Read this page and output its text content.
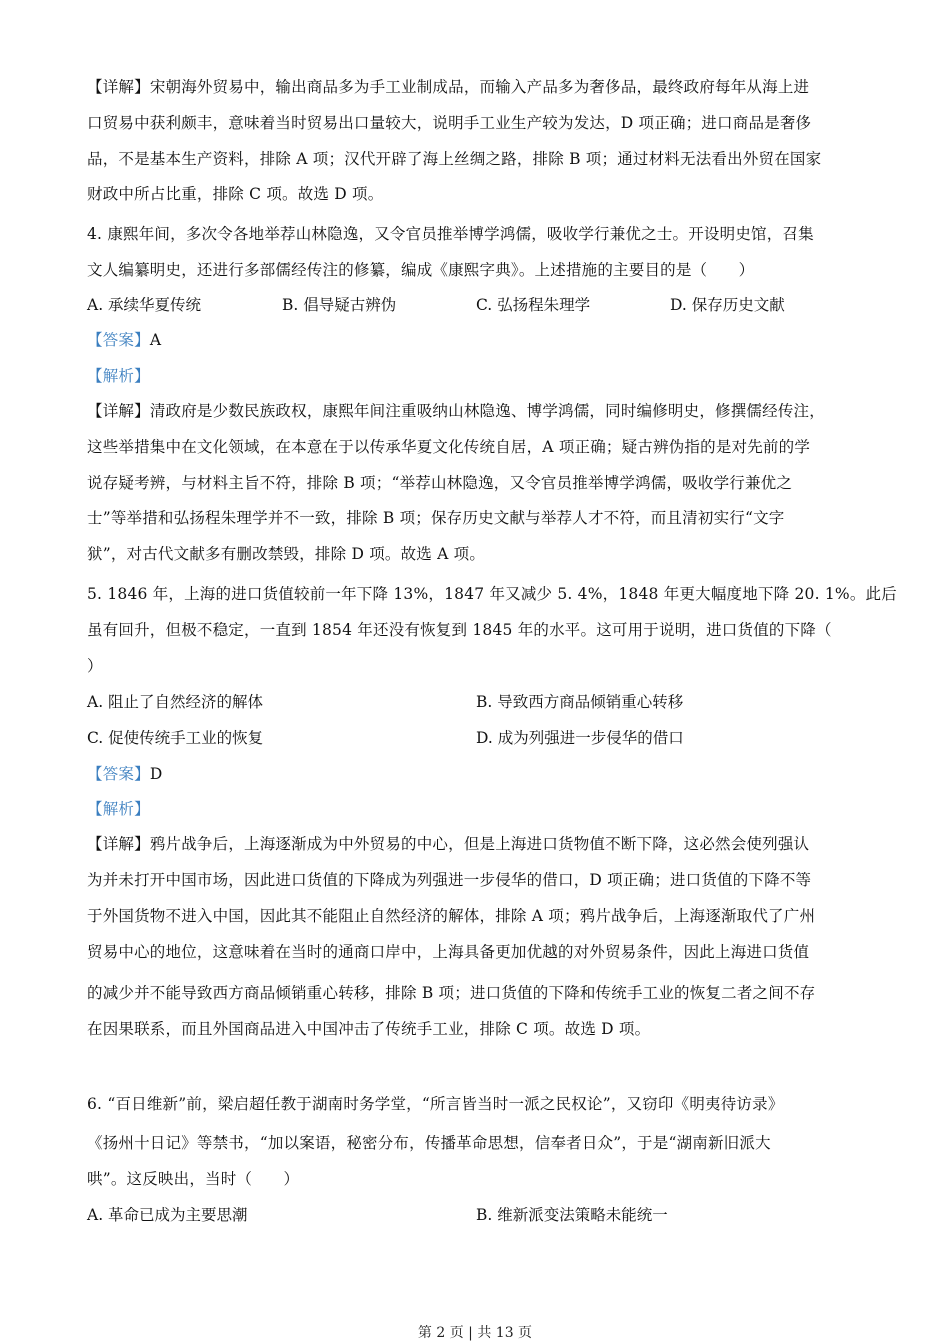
【详解】宋朝海外贸易中，输出商品多为手工业制成品，而输入产品多为奢侈品，最终政府每年从海上进
口贸易中获利颇丰，意味着当时贸易出口量较大，说明手工业生产较为发达，D 项正确；进口商品是奢侈
品，不是基本生产资料，排除 A 项；汉代开辟了海上丝绸之路，排除 B 项；通过材料无法看出外贸在国家
财政中所占比重，排除 C 项。故选 D 项。
4. 康熙年间，多次令各地举荐山林隐逸，又令官员推举博学鸿儒，吸收学行兼优之士。开设明史馆，召集
文人编纂明史，还进行多部儒经传注的修纂，编成《康熙字典》。上述措施的主要目的是（　　）
A. 承续华夏传统	B. 倡导疑古辨伪	C. 弘扬程朱理学	D. 保存历史文献
【答案】A
【解析】
【详解】清政府是少数民族政权，康熙年间注重吸纳山林隐逸、博学鸿儒，同时编修明史，修撰儒经传注，
这些举措集中在文化领域，在本意在于以传承华夏文化传统自居，A 项正确；疑古辨伪指的是对先前的学
说存疑考辨，与材料主旨不符，排除 B 项；“举荐山林隐逸，又令官员推举博学鸿儒，吸收学行兼优之
士”等举措和弘扬程朱理学并不一致，排除 B 项；保存历史文献与举荐人才不符，而且清初实行“文字
狱”，对古代文献多有删改禁毁，排除 D 项。故选 A 项。
5. 1846 年，上海的进口货值较前一年下降 13%，1847 年又减少 5. 4%，1848 年更大幅度地下降 20. 1%。此后
虽有回升，但极不稳定，一直到 1854 年还没有恢复到 1845 年的水平。这可用于说明，进口货值的下降（
）
A. 阻止了自然经济的解体	B. 导致西方商品倾销重心转移
C. 促使传统手工业的恢复	D. 成为列强进一步侵华的借口
【答案】D
【解析】
【详解】鸦片战争后，上海逐渐成为中外贸易的中心，但是上海进口货物值不断下降，这必然会使列强认
为并未打开中国市场，因此进口货值的下降成为列强进一步侵华的借口，D 项正确；进口货值的下降不等
于外国货物不进入中国，因此其不能阻止自然经济的解体，排除 A 项；鸦片战争后，上海逐渐取代了广州
贸易中心的地位，这意味着在当时的通商口岸中，上海具备更加优越的对外贸易条件，因此上海进口货值
的减少并不能导致西方商品倾销重心转移，排除 B 项；进口货值的下降和传统手工业的恢复二者之间不存
在因果联系，而且外国商品进入中国冲击了传统手工业，排除 C 项。故选 D 项。
6. “百日维新”前，梁启超任教于湖南时务学堂，“所言皆当时一派之民权论”，又窃印《明夷待访录》
《扬州十日记》等禁书，“加以案语，秘密分布，传播革命思想，信奉者日众”，于是“湖南新旧派大
哄”。这反映出，当时（　　）
A. 革命已成为主要思潮	B. 维新派变法策略未能统一
第 2 页 | 共 13 页
